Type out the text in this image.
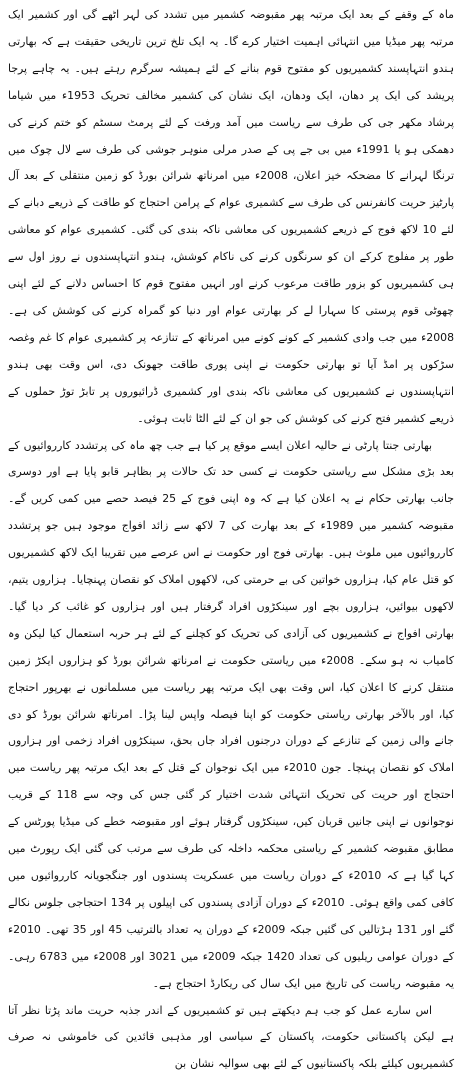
ماہ کے وقفے کے بعد ایک مرتبہ پھر مقبوضہ کشمیر میں تشدد کی لہر اٹھے گی اور کشمیر ایک مرتبہ پھر میڈیا میں انتہائی اہمیت اختیار کرے گا۔ یہ ایک تلخ ترین تاریخی حقیقت ہے کہ بھارتی ہندو انتہاپسند کشمیریوں کو مفتوح قوم بنانے کے لئے ہمیشہ سرگرم رہتے ہیں۔ یہ چاہے پرجا پریشد کی ایک پر دھان، ایک ودھان، ایک نشان کی کشمیر مخالف تحریک 1953ء میں شیاما پرشاد مکھر جی کی طرف سے ریاست میں آمد ورفت کے لئے پرمٹ سسٹم کو ختم کرنے کی دھمکی ہو یا 1991ء میں بی جے پی کے صدر مرلی منوہر جوشی کی طرف سے لال چوک میں ترنگا لہرانے کا مضحکہ خیز اعلان، 2008ء میں امرناتھ شرائن بورڈ کو زمین منتقلی کے بعد آل پارٹیز حریت کانفرنس کی طرف سے کشمیری عوام کے پرامن احتجاج کو طاقت کے ذریعے دبانے کے لئے 10 لاکھ فوج کے ذریعے کشمیریوں کی معاشی ناکہ بندی کی گئی۔ کشمیری عوام کو معاشی طور پر مفلوج کرکے ان کو سرنگوں کرنے کی ناکام کوشش، ہندو انتہاپسندوں نے روز اول سے ہی کشمیریوں کو بزور طاقت مرعوب کرنے اور انہیں مفتوح قوم کا احساس دلانے کے لئے اپنی چھوٹی قوم پرستی کا سہارا لے کر بھارتی عوام اور دنیا کو گمراہ کرنے کی کوشش کی ہے۔ 2008ء میں جب وادی کشمیر کے کونے کونے میں امرناتھ کے تنازعہ پر کشمیری عوام کا غم وغصہ سڑکوں پر امڈ آیا تو بھارتی حکومت نے اپنی پوری طاقت جھونک دی، اس وقت بھی ہندو انتہاپسندوں نے کشمیریوں کی معاشی ناکہ بندی اور کشمیری ڈرائیوروں پر تابڑ توڑ حملوں کے ذریعے کشمیر فتح کرنے کی کوشش کی جو ان کے لئے الٹا ثابت ہوئی۔

بھارتی جنتا پارٹی نے حالیہ اعلان ایسے موقع پر کیا ہے جب چھ ماہ کی پرتشدد کارروائیوں کے بعد بڑی مشکل سے ریاستی حکومت نے کسی حد تک حالات پر بظاہر قابو پایا ہے اور دوسری جانب بھارتی حکام نے یہ اعلان کیا ہے کہ وہ اپنی فوج کے 25 فیصد حصے میں کمی کریں گے۔ مقبوضہ کشمیر میں 1989ء کے بعد بھارت کی 7 لاکھ سے زائد افواج موجود ہیں جو پرتشدد کارروائیوں میں ملوث ہیں۔ بھارتی فوج اور حکومت نے اس عرصے میں تقریبا ایک لاکھ کشمیریوں کو قتل عام کیا، ہزاروں خواتین کی بے حرمتی کی، لاکھوں املاک کو نقصان پہنچایا۔ ہزاروں یتیم، لاکھوں بیوائیں، ہزاروں بچے اور سینکڑوں افراد گرفتار ہیں اور ہزاروں کو غائب کر دیا گیا۔ بھارتی افواج نے کشمیریوں کی آزادی کی تحریک کو کچلنے کے لئے ہر حربہ استعمال کیا لیکن وہ کامیاب نہ ہو سکے۔ 2008ء میں ریاستی حکومت نے امرناتھ شرائن بورڈ کو ہزاروں ایکڑ زمین منتقل کرنے کا اعلان کیا، اس وقت بھی ایک مرتبہ پھر ریاست میں مسلمانوں نے بھرپور احتجاج کیا، اور بالآخر بھارتی ریاستی حکومت کو اپنا فیصلہ واپس لینا پڑا۔ امرناتھ شرائن بورڈ کو دی جانے والی زمین کے تنازعے کے دوران درجنوں افراد جاں بحق، سینکڑوں افراد زخمی اور ہزاروں املاک کو نقصان پہنچا۔ جون 2010ء میں ایک نوجوان کے قتل کے بعد ایک مرتبہ پھر ریاست میں احتجاج اور حریت کی تحریک انتہائی شدت اختیار کر گئی جس کی وجہ سے 118 کے قریب نوجوانوں نے اپنی جانیں قربان کیں، سینکڑوں گرفتار ہوئے اور مقبوضہ خطے کی میڈیا پورٹس کے مطابق مقبوضہ کشمیر کے ریاستی محکمہ داخلہ کی طرف سے مرتب کی گئی ایک رپورٹ میں کہا گیا ہے کہ 2010ء کے دوران ریاست میں عسکریت پسندوں اور جنگجویانہ کارروائیوں میں کافی کمی واقع ہوئی۔ 2010ء کے دوران آزادی پسندوں کی اپیلوں پر 134 احتجاجی جلوس نکالے گئے اور 131 ہڑتالیں کی گئیں جبکہ 2009ء کے دوران یہ تعداد بالترتیب 45 اور 35 تھی۔ 2010ء کے دوران عوامی ریلیوں کی تعداد 1420 جبکہ 2009ء میں 3021 اور 2008ء میں 6783 رہی۔ یہ مقبوضہ ریاست کی تاریخ میں ایک سال کی ریکارڈ احتجاج ہے۔

اس سارے عمل کو جب ہم دیکھتے ہیں تو کشمیریوں کے اندر جذبہ حریت ماند پڑتا نظر آتا ہے لیکن پاکستانی حکومت، پاکستان کے سیاسی اور مذہبی قائدین کی خاموشی نہ صرف کشمیریوں کیلئے بلکہ پاکستانیوں کے لئے بھی سوالیہ نشان بن
